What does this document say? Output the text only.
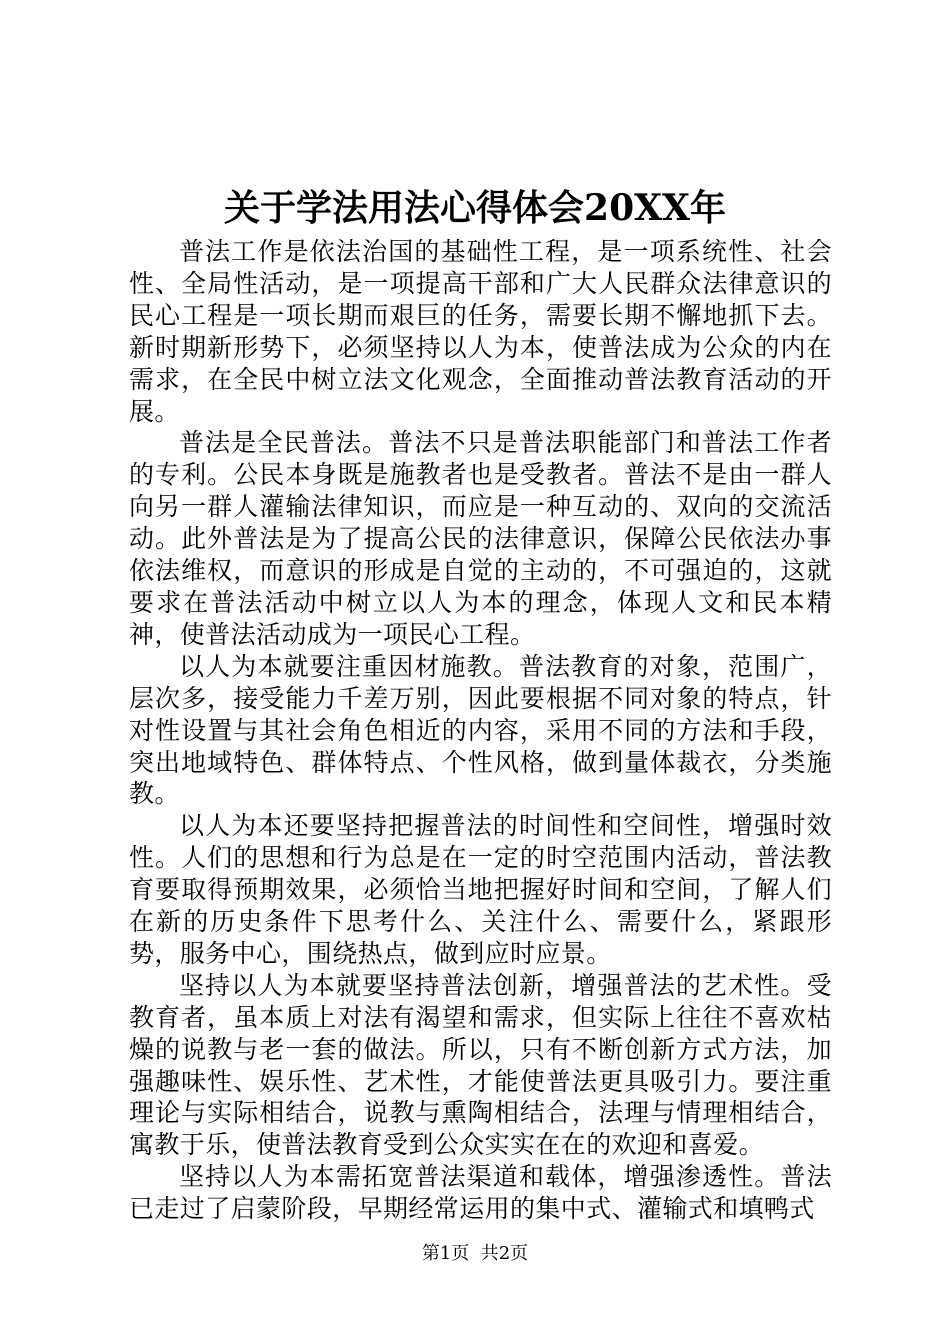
关于学法用法心得体会20XX年

普法工作是依法治国的基础性工程，是一项系统性、社会性、全局性活动，是一项提高干部和广大人民群众法律意识的民心工程是一项长期而艰巨的任务，需要长期不懈地抓下去。新时期新形势下，必须坚持以人为本，使普法成为公众的内在需求，在全民中树立法文化观念，全面推动普法教育活动的开展。

普法是全民普法。普法不只是普法职能部门和普法工作者的专利。公民本身既是施教者也是受教者。普法不是由一群人向另一群人灌输法律知识，而应是一种互动的、双向的交流活动。此外普法是为了提高公民的法律意识，保障公民依法办事依法维权，而意识的形成是自觉的主动的，不可强迫的，这就要求在普法活动中树立以人为本的理念，体现人文和民本精神，使普法活动成为一项民心工程。

以人为本就要注重因材施教。普法教育的对象，范围广，层次多，接受能力千差万别，因此要根据不同对象的特点，针对性设置与其社会角色相近的内容，采用不同的方法和手段，突出地域特色、群体特点、个性风格，做到量体裁衣，分类施教。

以人为本还要坚持把握普法的时间性和空间性，增强时效性。人们的思想和行为总是在一定的时空范围内活动，普法教育要取得预期效果，必须恰当地把握好时间和空间，了解人们在新的历史条件下思考什么、关注什么、需要什么，紧跟形势，服务中心，围绕热点，做到应时应景。

坚持以人为本就要坚持普法创新，增强普法的艺术性。受教育者，虽本质上对法有渴望和需求，但实际上往往不喜欢枯燥的说教与老一套的做法。所以，只有不断创新方式方法，加强趣味性、娱乐性、艺术性，才能使普法更具吸引力。要注重理论与实际相结合，说教与熏陶相结合，法理与情理相结合，寓教于乐，使普法教育受到公众实实在在的欢迎和喜爱。

坚持以人为本需拓宽普法渠道和载体，增强渗透性。普法已走过了启蒙阶段，早期经常运用的集中式、灌输式和填鸭式

第1页 共2页
